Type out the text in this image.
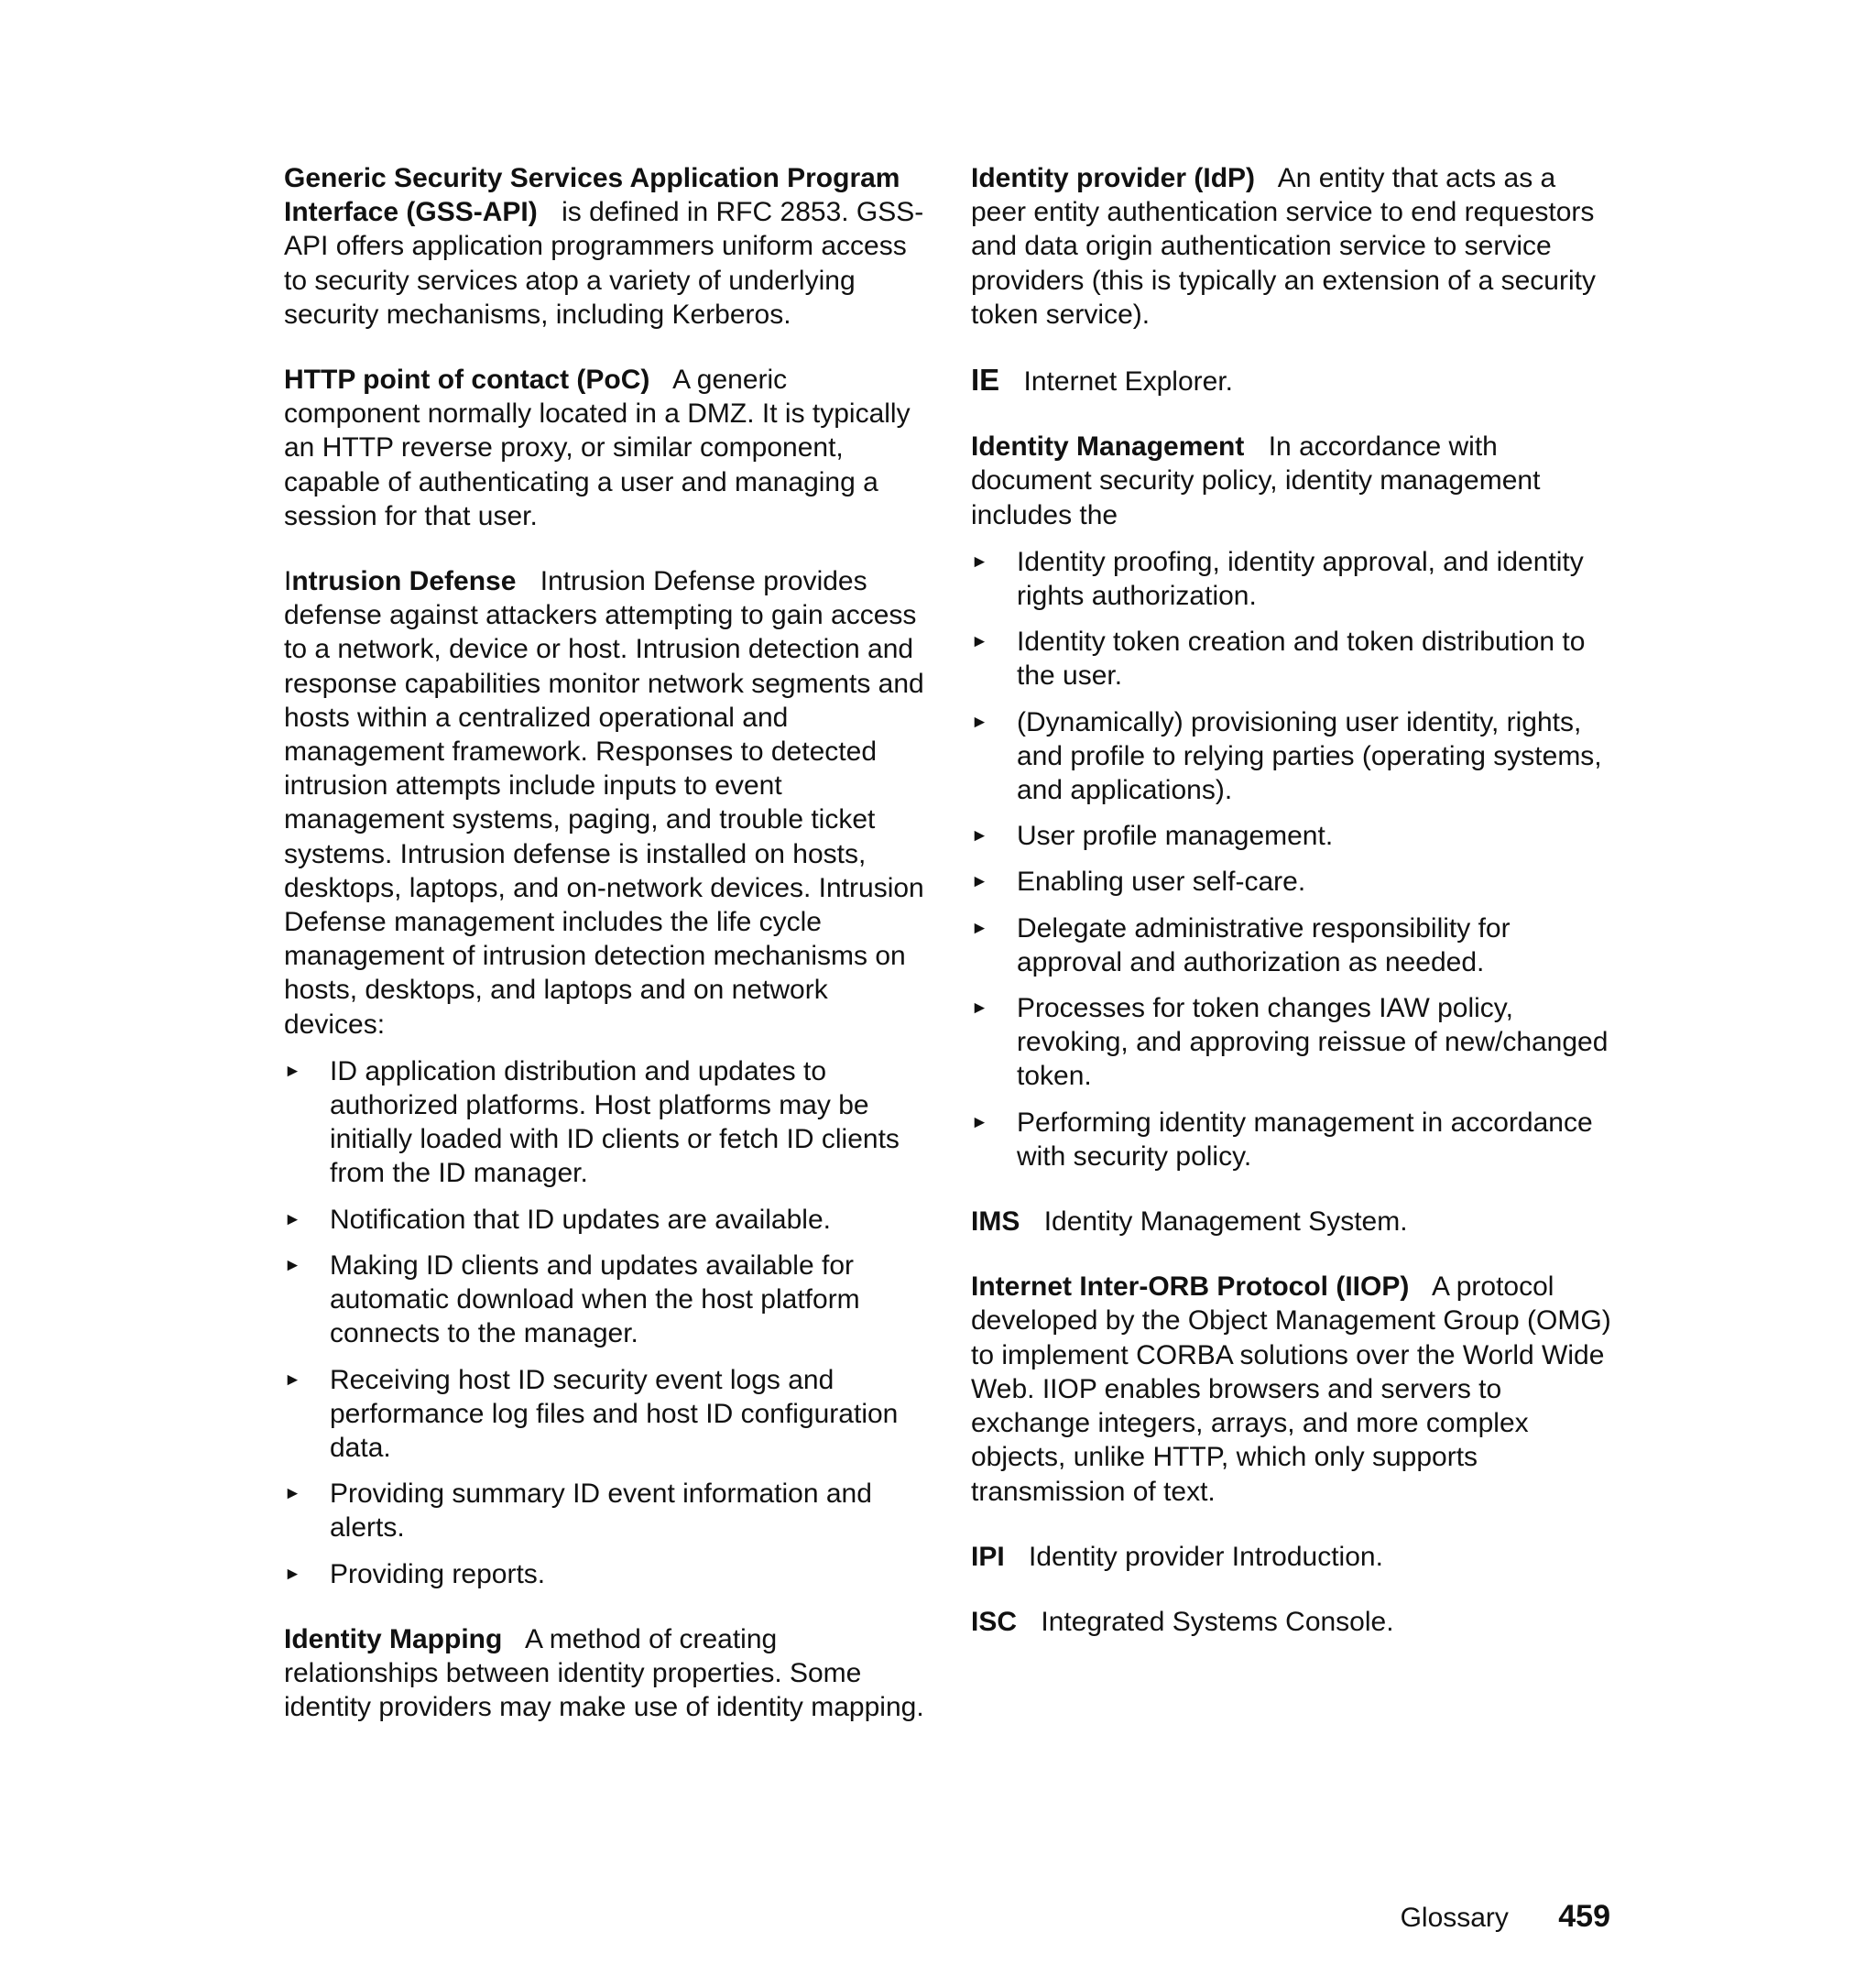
Generic Security Services Application Program Interface (GSS-API) is defined in RFC 2853. GSS-API offers application programmers uniform access to security services atop a variety of underlying security mechanisms, including Kerberos.

HTTP point of contact (PoC) A generic component normally located in a DMZ. It is typically an HTTP reverse proxy, or similar component, capable of authenticating a user and managing a session for that user.

Intrusion Defense Intrusion Defense provides defense against attackers attempting to gain access to a network, device or host. Intrusion detection and response capabilities monitor network segments and hosts within a centralized operational and management framework. Responses to detected intrusion attempts include inputs to event management systems, paging, and trouble ticket systems. Intrusion defense is installed on hosts, desktops, laptops, and on-network devices. Intrusion Defense management includes the life cycle management of intrusion detection mechanisms on hosts, desktops, and laptops and on network devices:

► ID application distribution and updates to authorized platforms. Host platforms may be initially loaded with ID clients or fetch ID clients from the ID manager.
► Notification that ID updates are available.
► Making ID clients and updates available for automatic download when the host platform connects to the manager.
► Receiving host ID security event logs and performance log files and host ID configuration data.
► Providing summary ID event information and alerts.
► Providing reports.

Identity Mapping A method of creating relationships between identity properties. Some identity providers may make use of identity mapping.

Identity provider (IdP) An entity that acts as a peer entity authentication service to end requestors and data origin authentication service to service providers (this is typically an extension of a security token service).

IE Internet Explorer.

Identity Management In accordance with document security policy, identity management includes the

► Identity proofing, identity approval, and identity rights authorization.
► Identity token creation and token distribution to the user.
► (Dynamically) provisioning user identity, rights, and profile to relying parties (operating systems, and applications).
► User profile management.
► Enabling user self-care.
► Delegate administrative responsibility for approval and authorization as needed.
► Processes for token changes IAW policy, revoking, and approving reissue of new/changed token.
► Performing identity management in accordance with security policy.

IMS Identity Management System.

Internet Inter-ORB Protocol (IIOP) A protocol developed by the Object Management Group (OMG) to implement CORBA solutions over the World Wide Web. IIOP enables browsers and servers to exchange integers, arrays, and more complex objects, unlike HTTP, which only supports transmission of text.

IPI Identity provider Introduction.

ISC Integrated Systems Console.

Glossary 459
